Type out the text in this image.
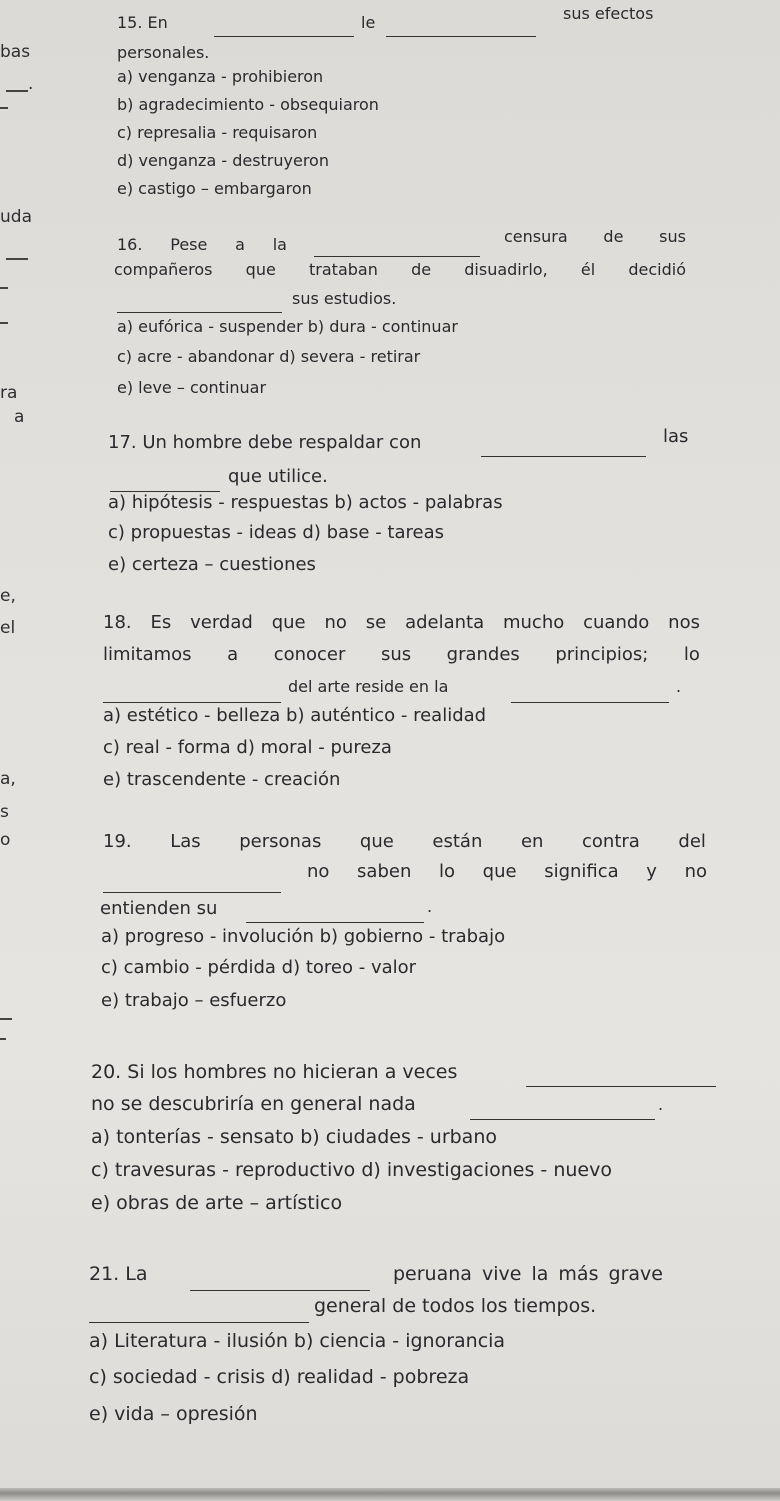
bas
.
uda
ra
a
e,
el
a,
s
o
15. En	le	sus efectos
personales.
a) venganza - prohibieron
b) agradecimiento - obsequiaron
c) represalia - requisaron
d) venganza - destruyeron
e) castigo – embargaron
16. Pese a la	censura de sus
compañeros que trataban de disuadirlo, él decidió
sus estudios.
a) eufórica - suspender b) dura - continuar
c) acre - abandonar d) severa - retirar
e) leve – continuar
17. Un hombre debe respaldar con	las
que utilice.
a) hipótesis - respuestas b) actos - palabras
c) propuestas - ideas d) base - tareas
e) certeza – cuestiones
18. Es verdad que no se adelanta mucho cuando nos
limitamos a conocer sus grandes principios; lo
del arte reside en la	.
a) estético - belleza b) auténtico - realidad
c) real - forma d) moral - pureza
e) trascendente - creación
19. Las personas que están en contra del
no saben lo que significa y no
entienden su	.
a) progreso - involución b) gobierno - trabajo
c) cambio - pérdida d) toreo - valor
e) trabajo – esfuerzo
20. Si los hombres no hicieran a veces
no se descubriría en general nada	.
a) tonterías - sensato b) ciudades - urbano
c) travesuras - reproductivo d) investigaciones - nuevo
e) obras de arte – artístico
21. La	peruana vive la más grave
general de todos los tiempos.
a) Literatura - ilusión b) ciencia - ignorancia
c) sociedad - crisis d) realidad - pobreza
e) vida – opresión
